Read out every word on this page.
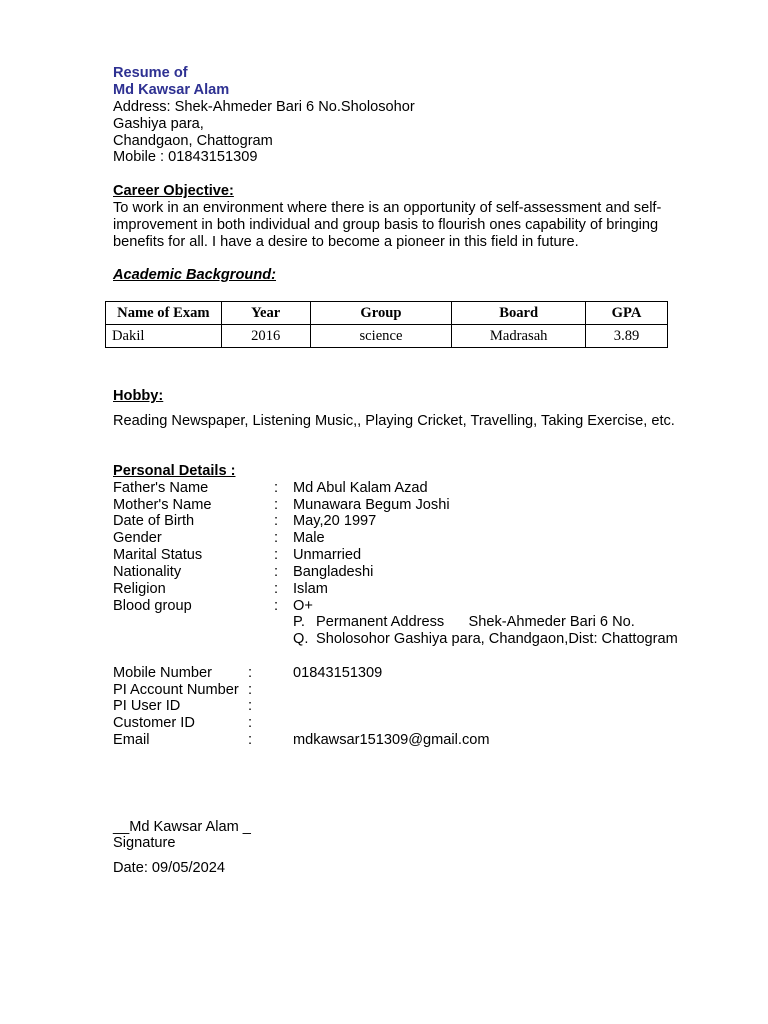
Resume of
Md Kawsar Alam
Address: Shek-Ahmeder Bari 6 No.Sholosohor
Gashiya para,
Chandgaon, Chattogram
Mobile : 01843151309
Career Objective:
To work in an environment where there is an opportunity of self-assessment and self-improvement in both individual and group basis to flourish ones capability of bringing benefits for all. I have a desire to become a pioneer in this field in future.
Academic Background:
Name of Exam	Year	Group	Board	GPA
Dakil	2016	science	Madrasah	3.89
Hobby:
Reading Newspaper, Listening Music,, Playing Cricket, Travelling, Taking Exercise, etc.
Personal Details :
Father's Name	: Md Abul Kalam Azad
Mother's Name	: Munawara Begum Joshi
Date of Birth	: May,20 1997
Gender	: Male
Marital Status	: Unmarried
Nationality	: Bangladeshi
Religion	: Islam
Blood group	: O+
P. Permanent Address      Shek-Ahmeder Bari 6 No.
Q. Sholosohor Gashiya para, Chandgaon,Dist: Chattogram
Mobile Number :	01843151309
PI Account Number :
PI User ID	:
Customer ID	:
Email	:	mdkawsar151309@gmail.com
__Md Kawsar Alam _
Signature
Date: 09/05/2024
